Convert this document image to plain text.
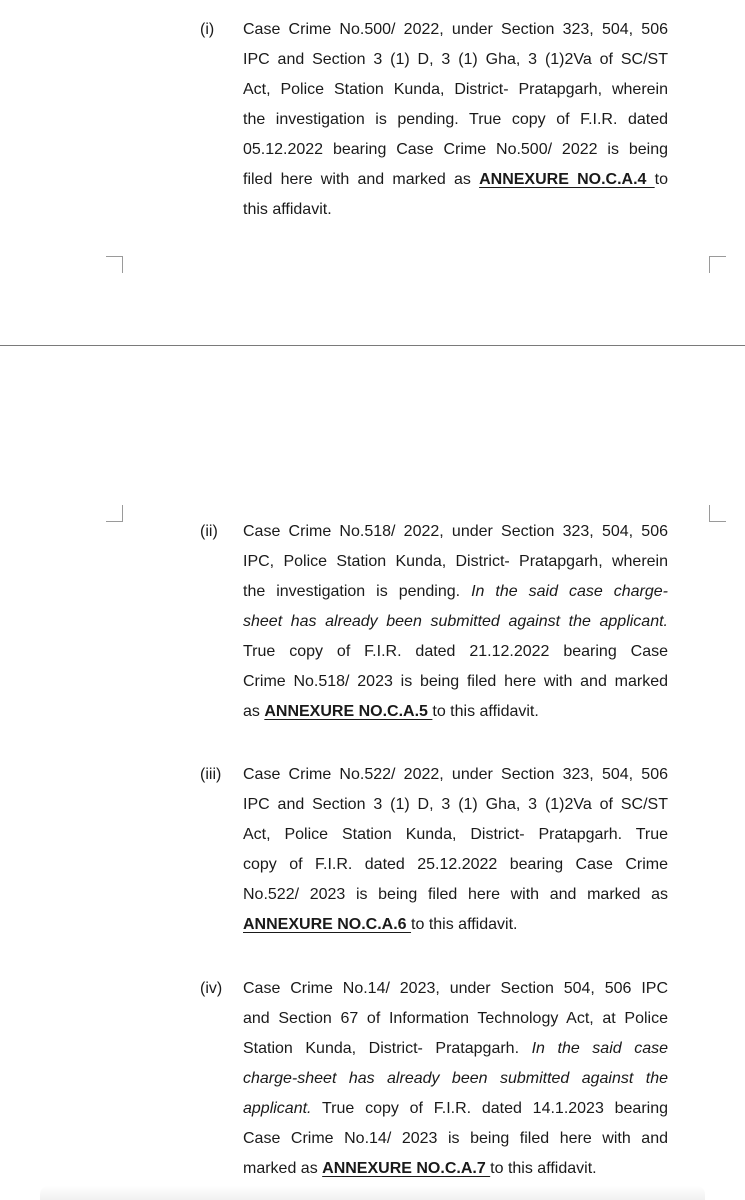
(i) Case Crime No.500/ 2022, under Section 323, 504, 506
IPC and Section 3 (1) D, 3 (1) Gha, 3 (1)2Va of SC/ST
Act, Police Station Kunda, District- Pratapgarh, wherein
the investigation is pending. True copy of F.I.R. dated
05.12.2022 bearing Case Crime No.500/ 2022 is being
filed here with and marked as ANNEXURE NO.C.A.4 to
this affidavit.
(ii) Case Crime No.518/ 2022, under Section 323, 504, 506
IPC, Police Station Kunda, District- Pratapgarh, wherein
the investigation is pending. In the said case charge-
sheet has already been submitted against the applicant.
True copy of F.I.R. dated 21.12.2022 bearing Case
Crime No.518/ 2023 is being filed here with and marked
as ANNEXURE NO.C.A.5 to this affidavit.
(iii) Case Crime No.522/ 2022, under Section 323, 504, 506
IPC and Section 3 (1) D, 3 (1) Gha, 3 (1)2Va of SC/ST
Act, Police Station Kunda, District- Pratapgarh. True
copy of F.I.R. dated 25.12.2022 bearing Case Crime
No.522/ 2023 is being filed here with and marked as
ANNEXURE NO.C.A.6 to this affidavit.
(iv) Case Crime No.14/ 2023, under Section 504, 506 IPC
and Section 67 of Information Technology Act, at Police
Station Kunda, District- Pratapgarh. In the said case
charge-sheet has already been submitted against the
applicant. True copy of F.I.R. dated 14.1.2023 bearing
Case Crime No.14/ 2023 is being filed here with and
marked as ANNEXURE NO.C.A.7 to this affidavit.
